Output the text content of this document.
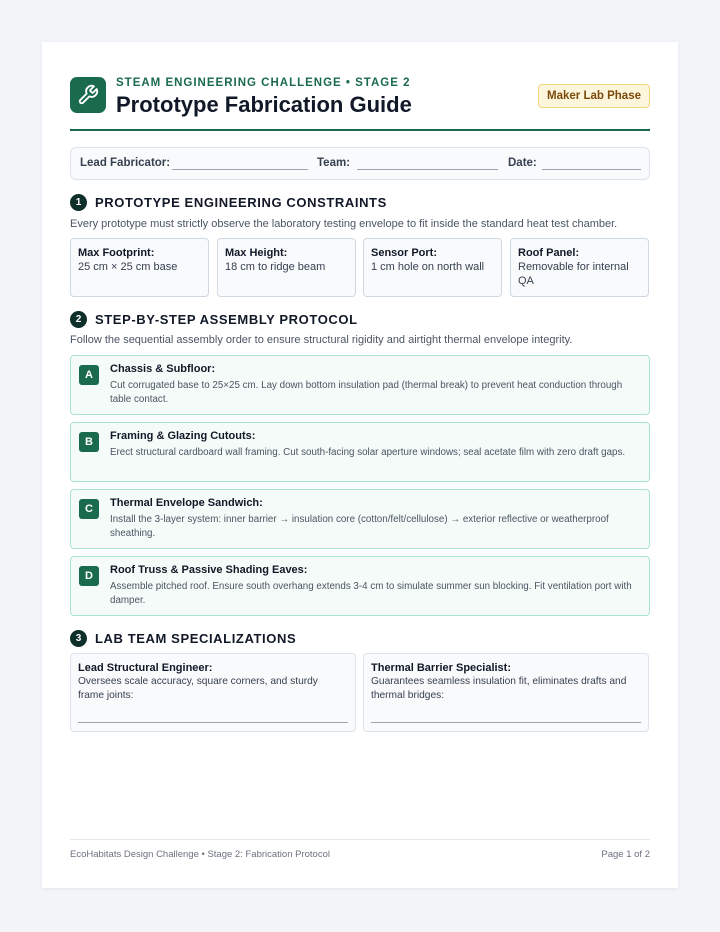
STEAM ENGINEERING CHALLENGE • STAGE 2
Prototype Fabrication Guide	Maker Lab Phase
Lead Fabricator:	Team:	Date:
1	PROTOTYPE ENGINEERING CONSTRAINTS
Every prototype must strictly observe the laboratory testing envelope to fit inside the standard heat test chamber.
Max Footprint:
25 cm × 25 cm base
Max Height:
18 cm to ridge beam
Sensor Port:
1 cm hole on north wall
Roof Panel:
Removable for internal QA
2	STEP-BY-STEP ASSEMBLY PROTOCOL
Follow the sequential assembly order to ensure structural rigidity and airtight thermal envelope integrity.
A	Chassis & Subfloor:
Cut corrugated base to 25×25 cm. Lay down bottom insulation pad (thermal break) to prevent heat conduction through table contact.
B	Framing & Glazing Cutouts:
Erect structural cardboard wall framing. Cut south-facing solar aperture windows; seal acetate film with zero draft gaps.
C	Thermal Envelope Sandwich:
Install the 3-layer system: inner barrier → insulation core (cotton/felt/cellulose) → exterior reflective or weatherproof sheathing.
D	Roof Truss & Passive Shading Eaves:
Assemble pitched roof. Ensure south overhang extends 3-4 cm to simulate summer sun blocking. Fit ventilation port with damper.
3	LAB TEAM SPECIALIZATIONS
Lead Structural Engineer:
Oversees scale accuracy, square corners, and sturdy frame joints:
Thermal Barrier Specialist:
Guarantees seamless insulation fit, eliminates drafts and thermal bridges:
EcoHabitats Design Challenge • Stage 2: Fabrication Protocol	Page 1 of 2
